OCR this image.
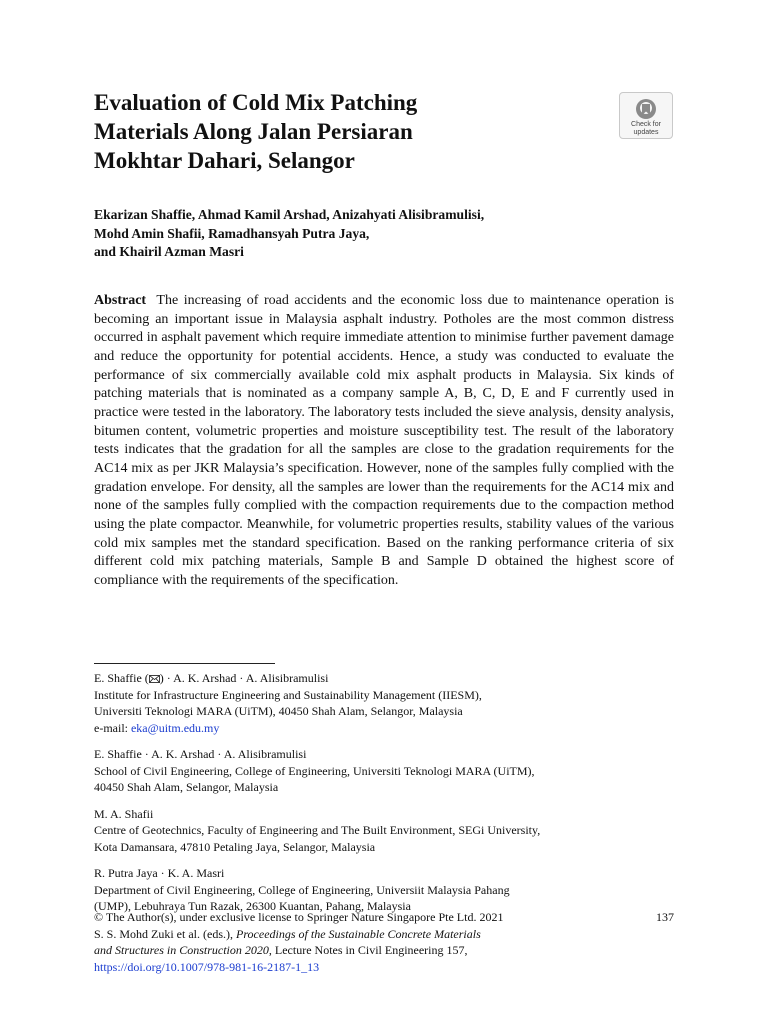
Evaluation of Cold Mix Patching
Materials Along Jalan Persiaran
Mokhtar Dahari, Selangor
Check for
updates
Ekarizan Shaffie, Ahmad Kamil Arshad, Anizahyati Alisibramulisi,
Mohd Amin Shafii, Ramadhansyah Putra Jaya,
and Khairil Azman Masri

Abstract The increasing of road accidents and the economic loss due to maintenance operation is becoming an important issue in Malaysia asphalt industry. Potholes are the most common distress occurred in asphalt pavement which require immediate attention to minimise further pavement damage and reduce the opportunity for potential accidents. Hence, a study was conducted to evaluate the performance of six commercially available cold mix asphalt products in Malaysia. Six kinds of patching materials that is nominated as a company sample A, B, C, D, E and F currently used in practice were tested in the laboratory. The laboratory tests included the sieve analysis, density analysis, bitumen content, volumetric properties and moisture susceptibility test. The result of the laboratory tests indicates that the gradation for all the samples are close to the gradation requirements for the AC14 mix as per JKR Malaysia’s specification. However, none of the samples fully complied with the gradation envelope. For density, all the samples are lower than the requirements for the AC14 mix and none of the samples fully complied with the compaction requirements due to the compaction method using the plate compactor. Meanwhile, for volumetric properties results, stability values of the various cold mix samples met the standard specification. Based on the ranking performance criteria of six different cold mix patching materials, Sample B and Sample D obtained the highest score of compliance with the requirements of the specification.

E. Shaffie ( ) · A. K. Arshad · A. Alisibramulisi
Institute for Infrastructure Engineering and Sustainability Management (IIESM),
Universiti Teknologi MARA (UiTM), 40450 Shah Alam, Selangor, Malaysia
e-mail: eka@uitm.edu.my
E. Shaffie · A. K. Arshad · A. Alisibramulisi
School of Civil Engineering, College of Engineering, Universiti Teknologi MARA (UiTM),
40450 Shah Alam, Selangor, Malaysia
M. A. Shafii
Centre of Geotechnics, Faculty of Engineering and The Built Environment, SEGi University,
Kota Damansara, 47810 Petaling Jaya, Selangor, Malaysia
R. Putra Jaya · K. A. Masri
Department of Civil Engineering, College of Engineering, Universiit Malaysia Pahang
(UMP), Lebuhraya Tun Razak, 26300 Kuantan, Pahang, Malaysia
© The Author(s), under exclusive license to Springer Nature Singapore Pte Ltd. 2021	137
S. S. Mohd Zuki et al. (eds.), Proceedings of the Sustainable Concrete Materials
and Structures in Construction 2020, Lecture Notes in Civil Engineering 157,
https://doi.org/10.1007/978-981-16-2187-1_13
